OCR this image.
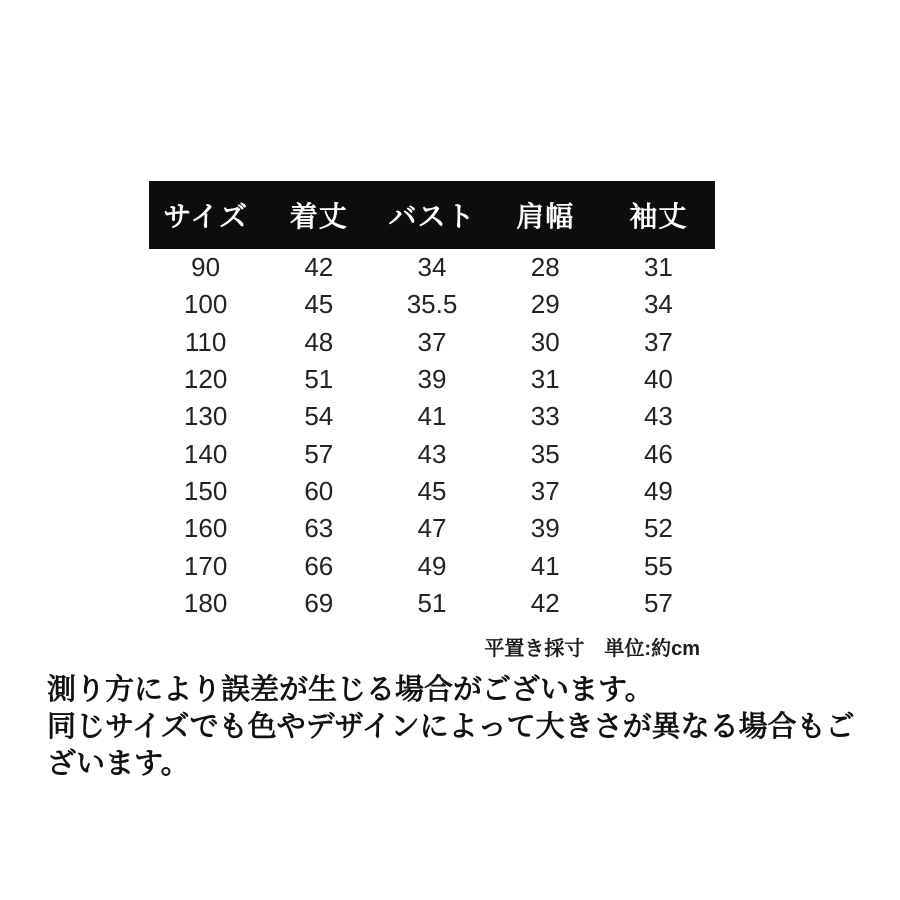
サイズ	着丈	バスト	肩幅	袖丈
90	42	34	28	31
100	45	35.5	29	34
110	48	37	30	37
120	51	39	31	40
130	54	41	33	43
140	57	43	35	46
150	60	45	37	49
160	63	47	39	52
170	66	49	41	55
180	69	51	42	57
平置き採寸　単位:約cm
測り方により誤差が生じる場合がございます。
同じサイズでも色やデザインによって大きさが異なる場合もございます。
